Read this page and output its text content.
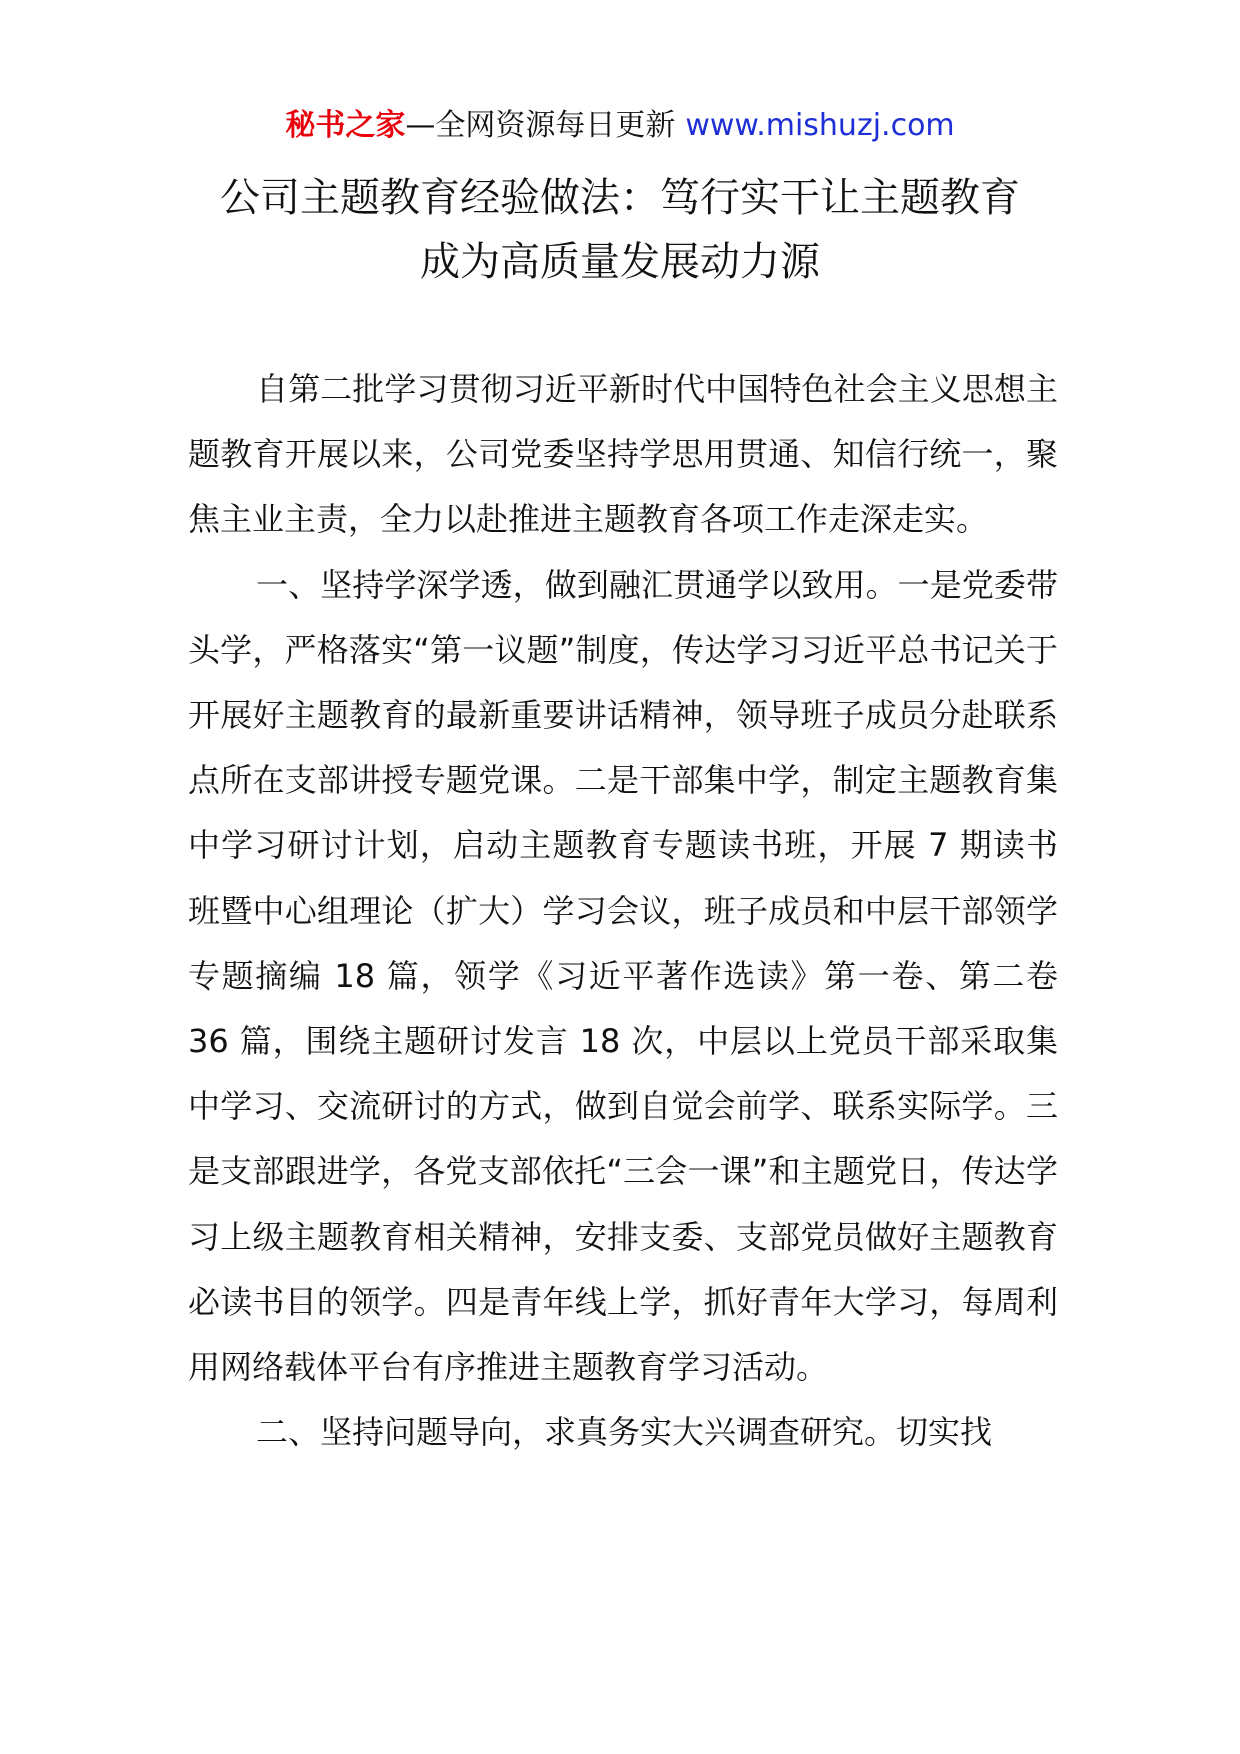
秘书之家—全网资源每日更新 www.mishuzj.com
公司主题教育经验做法：笃行实干让主题教育
成为高质量发展动力源

自第二批学习贯彻习近平新时代中国特色社会主义思想主题教育开展以来，公司党委坚持学思用贯通、知信行统一，聚焦主业主责，全力以赴推进主题教育各项工作走深走实。

一、坚持学深学透，做到融汇贯通学以致用。一是党委带头学，严格落实“第一议题”制度，传达学习习近平总书记关于开展好主题教育的最新重要讲话精神，领导班子成员分赴联系点所在支部讲授专题党课。二是干部集中学，制定主题教育集中学习研讨计划，启动主题教育专题读书班，开展 7 期读书班暨中心组理论（扩大）学习会议，班子成员和中层干部领学专题摘编 18 篇，领学《习近平著作选读》第一卷、第二卷 36 篇，围绕主题研讨发言 18 次，中层以上党员干部采取集中学习、交流研讨的方式，做到自觉会前学、联系实际学。三是支部跟进学，各党支部依托“三会一课”和主题党日，传达学习上级主题教育相关精神，安排支委、支部党员做好主题教育必读书目的领学。四是青年线上学，抓好青年大学习，每周利用网络载体平台有序推进主题教育学习活动。

二、坚持问题导向，求真务实大兴调查研究。切实找
